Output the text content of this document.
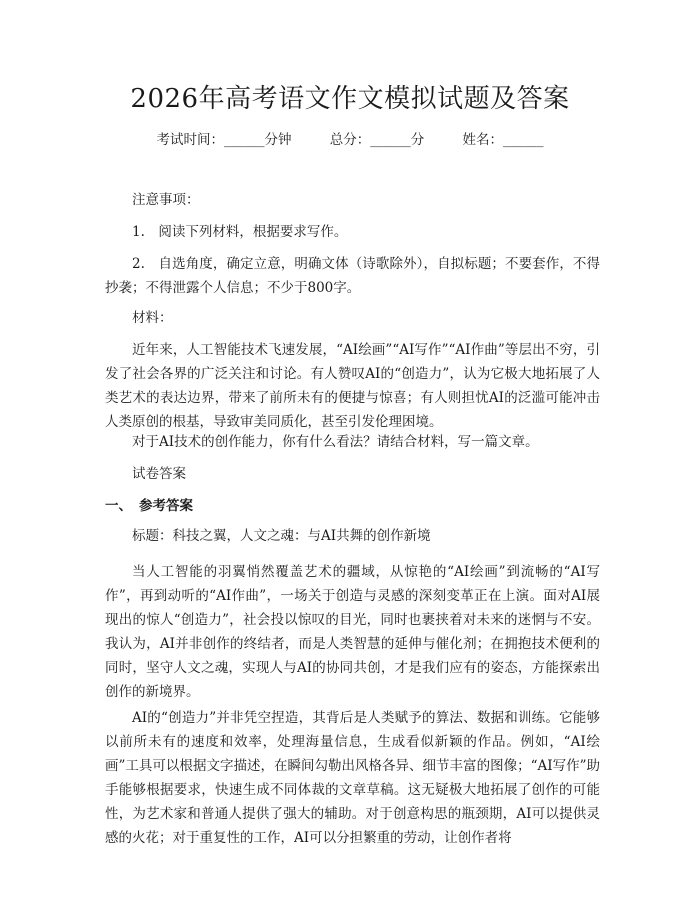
2026年高考语文作文模拟试题及答案
考试时间：______分钟	总分：______分	姓名：______
注意事项：
1.　阅读下列材料，根据要求写作。
2.　自选角度，确定立意，明确文体（诗歌除外），自拟标题；不要套作，不得抄袭；不得泄露个人信息；不少于800字。
材料：
近年来，人工智能技术飞速发展，“AI绘画”“AI写作”“AI作曲”等层出不穷，引发了社会各界的广泛关注和讨论。有人赞叹AI的“创造力”，认为它极大地拓展了人类艺术的表达边界，带来了前所未有的便捷与惊喜；有人则担忧AI的泛滥可能冲击人类原创的根基，导致审美同质化，甚至引发伦理困境。
对于AI技术的创作能力，你有什么看法？请结合材料，写一篇文章。
试卷答案
一、 参考答案
标题：科技之翼，人文之魂：与AI共舞的创作新境
当人工智能的羽翼悄然覆盖艺术的疆域，从惊艳的“AI绘画”到流畅的“AI写作”，再到动听的“AI作曲”，一场关于创造与灵感的深刻变革正在上演。面对AI展现出的惊人“创造力”，社会投以惊叹的目光，同时也裹挟着对未来的迷惘与不安。我认为，AI并非创作的终结者，而是人类智慧的延伸与催化剂；在拥抱技术便利的同时，坚守人文之魂，实现人与AI的协同共创，才是我们应有的姿态，方能探索出创作的新境界。
AI的“创造力”并非凭空捏造，其背后是人类赋予的算法、数据和训练。它能够以前所未有的速度和效率，处理海量信息，生成看似新颖的作品。例如，“AI绘画”工具可以根据文字描述，在瞬间勾勒出风格各异、细节丰富的图像；“AI写作”助手能够根据要求，快速生成不同体裁的文章草稿。这无疑极大地拓展了创作的可能性，为艺术家和普通人提供了强大的辅助。对于创意构思的瓶颈期，AI可以提供灵感的火花；对于重复性的工作，AI可以分担繁重的劳动，让创作者将
